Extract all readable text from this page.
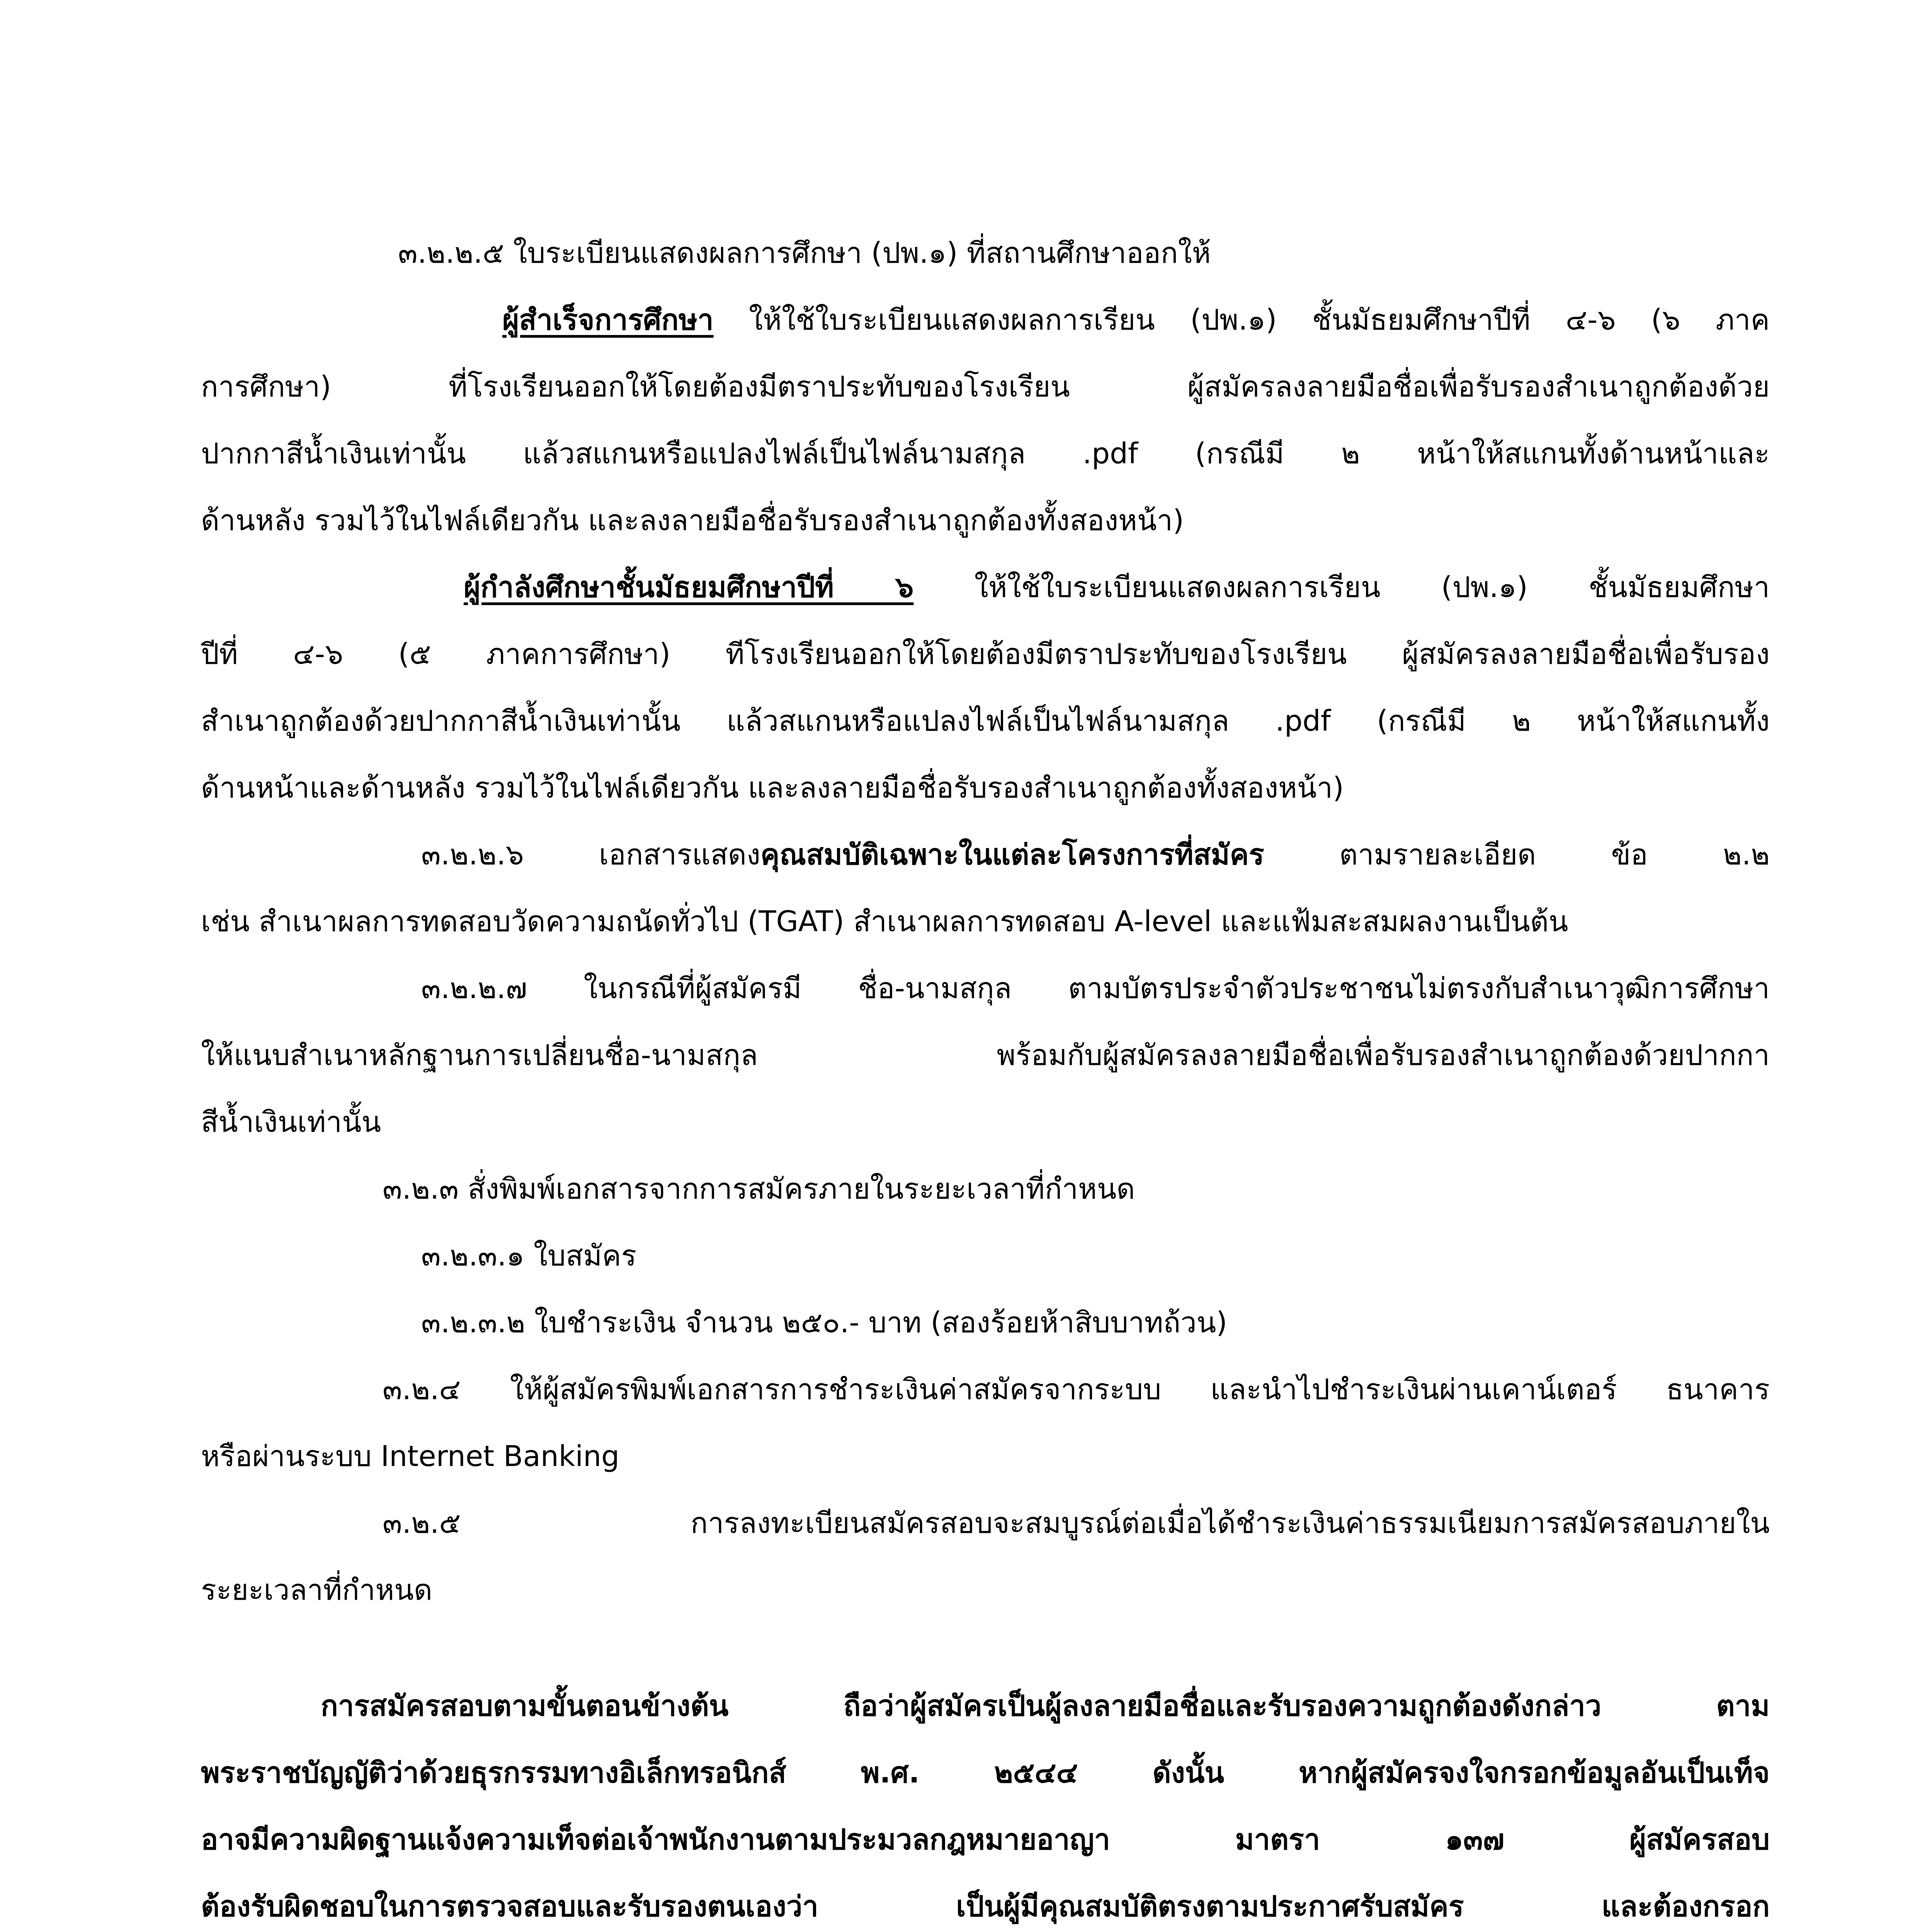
๓.๒.๒.๕ ใบระเบียนแสดงผลการศึกษา (ปพ.๑) ที่สถานศึกษาออกให้
ผู้สำเร็จการศึกษา ให้ใช้ใบระเบียนแสดงผลการเรียน (ปพ.๑) ชั้นมัธยมศึกษาปีที่ ๔-๖ (๖ ภาค
การศึกษา) ที่โรงเรียนออกให้โดยต้องมีตราประทับของโรงเรียน ผู้สมัครลงลายมือชื่อเพื่อรับรองสำเนาถูกต้องด้วย
ปากกาสีน้ำเงินเท่านั้น แล้วสแกนหรือแปลงไฟล์เป็นไฟล์นามสกุล .pdf (กรณีมี ๒ หน้าให้สแกนทั้งด้านหน้าและ
ด้านหลัง รวมไว้ในไฟล์เดียวกัน และลงลายมือชื่อรับรองสำเนาถูกต้องทั้งสองหน้า)
ผู้กำลังศึกษาชั้นมัธยมศึกษาปีที่ ๖ ให้ใช้ใบระเบียนแสดงผลการเรียน (ปพ.๑) ชั้นมัธยมศึกษา
ปีที่ ๔-๖ (๕ ภาคการศึกษา) ทีโรงเรียนออกให้โดยต้องมีตราประทับของโรงเรียน ผู้สมัครลงลายมือชื่อเพื่อรับรอง
สำเนาถูกต้องด้วยปากกาสีน้ำเงินเท่านั้น แล้วสแกนหรือแปลงไฟล์เป็นไฟล์นามสกุล .pdf (กรณีมี ๒ หน้าให้สแกนทั้ง
ด้านหน้าและด้านหลัง รวมไว้ในไฟล์เดียวกัน และลงลายมือชื่อรับรองสำเนาถูกต้องทั้งสองหน้า)
๓.๒.๒.๖ เอกสารแสดงคุณสมบัติเฉพาะในแต่ละโครงการที่สมัคร ตามรายละเอียด ข้อ ๒.๒
เช่น สำเนาผลการทดสอบวัดความถนัดทั่วไป (TGAT) สำเนาผลการทดสอบ A-level และแฟ้มสะสมผลงานเป็นต้น
๓.๒.๒.๗ ในกรณีที่ผู้สมัครมี ชื่อ-นามสกุล ตามบัตรประจำตัวประชาชนไม่ตรงกับสำเนาวุฒิการศึกษา
ให้แนบสำเนาหลักฐานการเปลี่ยนชื่อ-นามสกุล พร้อมกับผู้สมัครลงลายมือชื่อเพื่อรับรองสำเนาถูกต้องด้วยปากกา
สีน้ำเงินเท่านั้น
๓.๒.๓ สั่งพิมพ์เอกสารจากการสมัครภายในระยะเวลาที่กำหนด
๓.๒.๓.๑ ใบสมัคร
๓.๒.๓.๒ ใบชำระเงิน จำนวน ๒๕๐.- บาท (สองร้อยห้าสิบบาทถ้วน)
๓.๒.๔ ให้ผู้สมัครพิมพ์เอกสารการชำระเงินค่าสมัครจากระบบ และนำไปชำระเงินผ่านเคาน์เตอร์ ธนาคาร
หรือผ่านระบบ Internet Banking
๓.๒.๕ การลงทะเบียนสมัครสอบจะสมบูรณ์ต่อเมื่อได้ชำระเงินค่าธรรมเนียมการสมัครสอบภายใน
ระยะเวลาที่กำหนด
การสมัครสอบตามขั้นตอนข้างต้น ถือว่าผู้สมัครเป็นผู้ลงลายมือชื่อและรับรองความถูกต้องดังกล่าว ตาม
พระราชบัญญัติว่าด้วยธุรกรรมทางอิเล็กทรอนิกส์ พ.ศ. ๒๕๔๔ ดังนั้น หากผู้สมัครจงใจกรอกข้อมูลอันเป็นเท็จ
อาจมีความผิดฐานแจ้งความเท็จต่อเจ้าพนักงานตามประมวลกฎหมายอาญา มาตรา ๑๓๗ ผู้สมัครสอบ
ต้องรับผิดชอบในการตรวจสอบและรับรองตนเองว่า เป็นผู้มีคุณสมบัติตรงตามประกาศรับสมัคร และต้องกรอก
